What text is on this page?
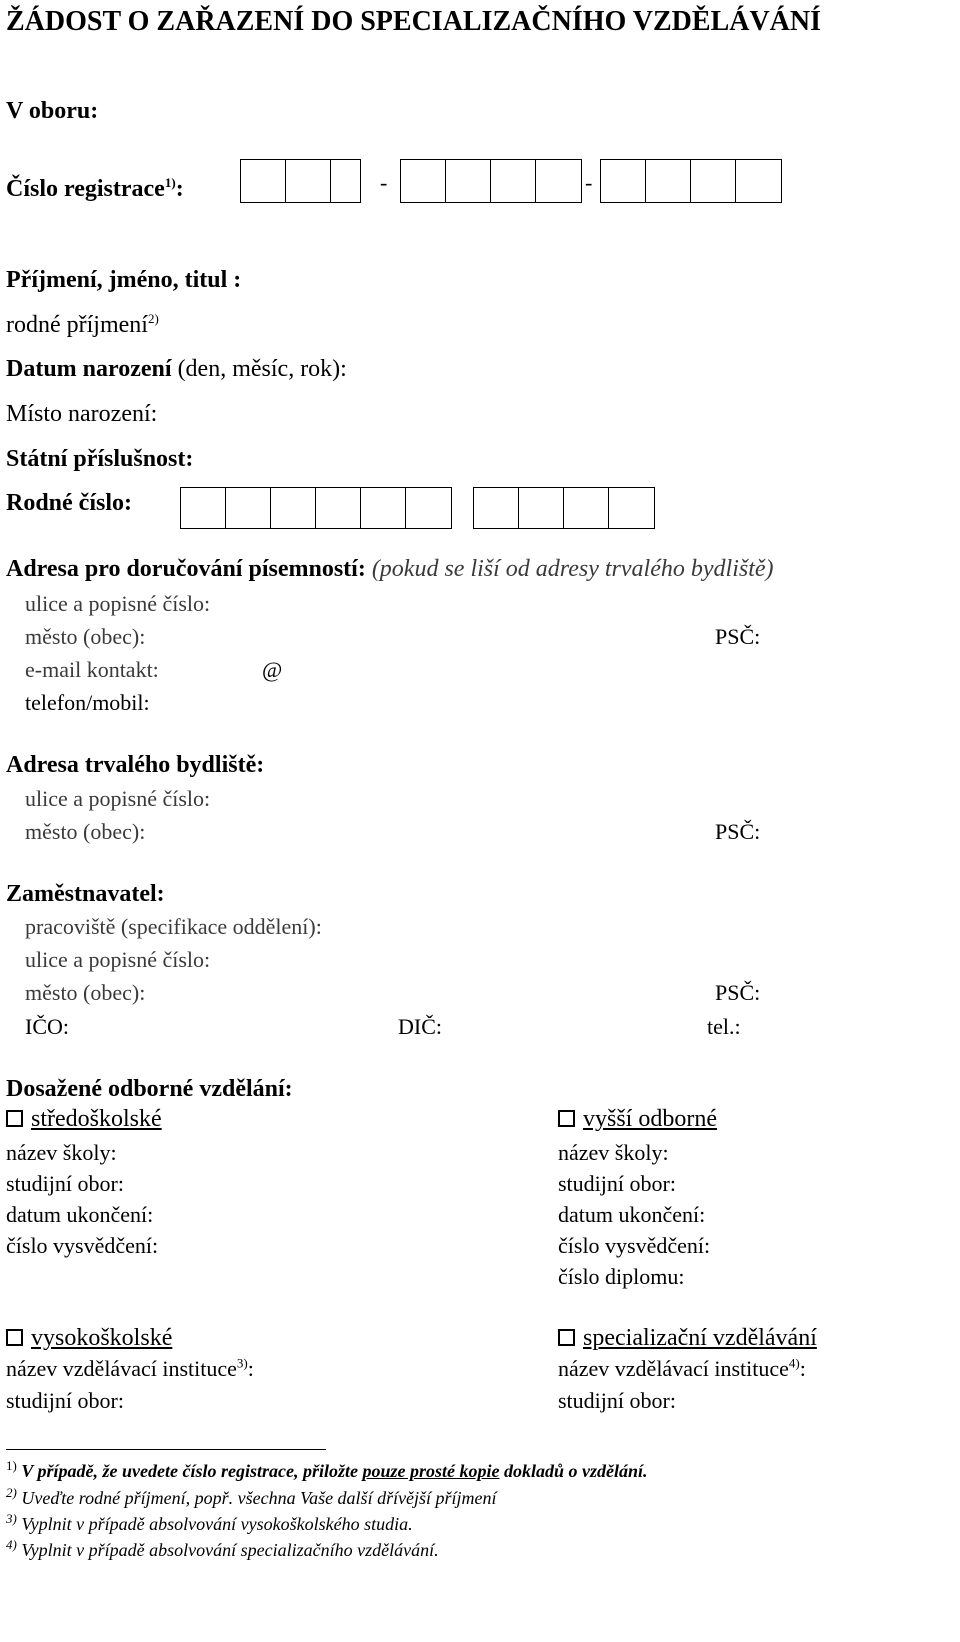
ŽÁDOST O ZAŘAZENÍ DO SPECIALIZAČNÍHO VZDĚLÁVÁNÍ
V oboru:
Číslo registrace$^{1)}$:	-	-
Příjmení, jméno, titul :
rodné příjmení$^{2)}$
Datum narození (den, měsíc, rok):
Místo narození:
Státní příslušnost:
Rodné číslo:
Adresa pro doručování písemností: (pokud se liší od adresy trvalého bydliště)
ulice a popisné číslo:
město (obec):	PSČ:
e-mail kontakt:	@
telefon/mobil:
Adresa trvalého bydliště:
ulice a popisné číslo:
město (obec):	PSČ:
Zaměstnavatel:
pracoviště (specifikace oddělení):
ulice a popisné číslo:
město (obec):	PSČ:
IČO:	DIČ:	tel.:
Dosažené odborné vzdělání:
středoškolské
název školy:
studijní obor:
datum ukončení:
číslo vysvědčení:
vyšší odborné
název školy:
studijní obor:
datum ukončení:
číslo vysvědčení:
číslo diplomu:
vysokoškolské
název vzdělávací instituce$^{3)}$:
studijní obor:
specializační vzdělávání
název vzdělávací instituce$^{4)}$:
studijní obor:
$^{1)}$ V případě, že uvedete číslo registrace, přiložte pouze prosté kopie dokladů o vzdělání.
$^{2)}$ Uveďte rodné příjmení, popř. všechna Vaše další dřívější příjmení
$^{3)}$ Vyplnit v případě absolvování vysokoškolského studia.
$^{4)}$ Vyplnit v případě absolvování specializačního vzdělávání.
